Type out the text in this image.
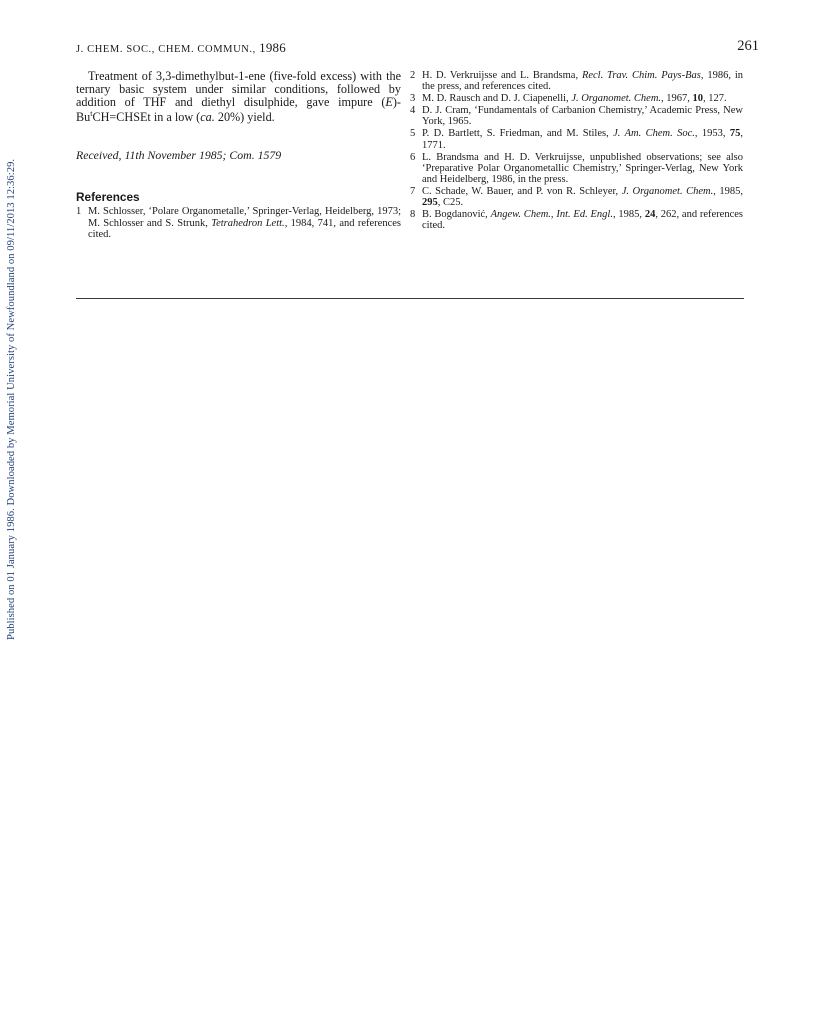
Published on 01 January 1986. Downloaded by Memorial University of Newfoundland on 09/11/2013 12:36:29.
J. CHEM. SOC., CHEM. COMMUN., 1986	261

Treatment of 3,3-dimethylbut-1-ene (five-fold excess) with the ternary basic system under similar conditions, followed by addition of THF and diethyl disulphide, gave impure $(E)-Bu^tCH=CHSEt$ in a low (ca. 20%) yield.

Received, 11th November 1985; Com. 1579

References
1 M. Schlosser, ‘Polare Organometalle,’ Springer-Verlag, Heidelberg, 1973; M. Schlosser and S. Strunk, Tetrahedron Lett., 1984, 741, and references cited.
2 H. D. Verkruijsse and L. Brandsma, Recl. Trav. Chim. Pays-Bas, 1986, in the press, and references cited.
3 M. D. Rausch and D. J. Ciapenelli, J. Organomet. Chem., 1967, 10, 127.
4 D. J. Cram, ‘Fundamentals of Carbanion Chemistry,’ Academic Press, New York, 1965.
5 P. D. Bartlett, S. Friedman, and M. Stiles, J. Am. Chem. Soc., 1953, 75, 1771.
6 L. Brandsma and H. D. Verkruijsse, unpublished observations; see also ‘Preparative Polar Organometallic Chemistry,’ Springer-Verlag, New York and Heidelberg, 1986, in the press.
7 C. Schade, W. Bauer, and P. von R. Schleyer, J. Organomet. Chem., 1985, 295, C25.
8 B. Bogdanović, Angew. Chem., Int. Ed. Engl., 1985, 24, 262, and references cited.
